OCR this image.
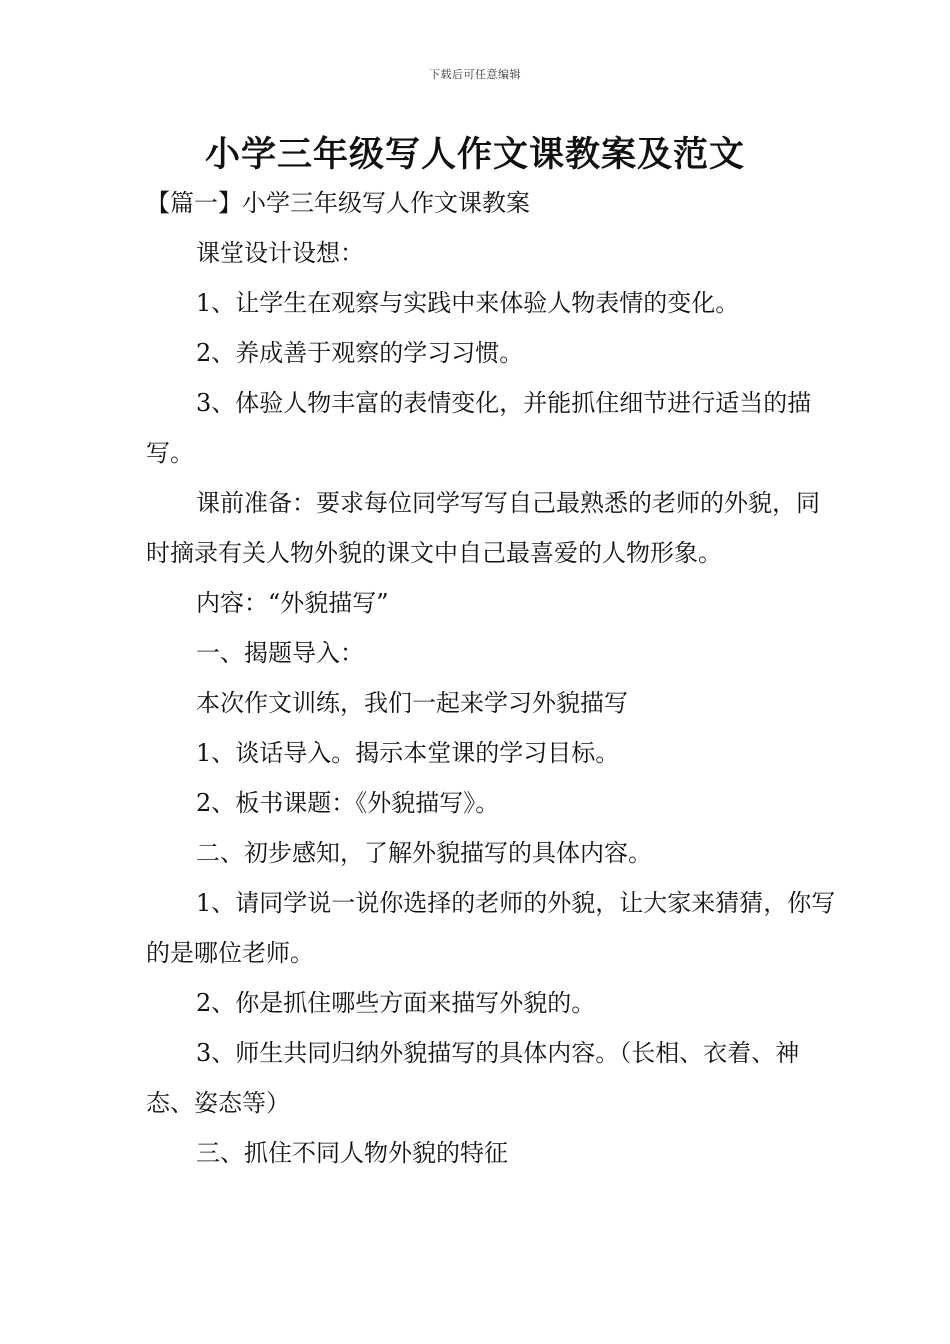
下载后可任意编辑
小学三年级写人作文课教案及范文

【篇一】小学三年级写人作文课教案

课堂设计设想：

1、让学生在观察与实践中来体验人物表情的变化。

2、养成善于观察的学习习惯。

3、体验人物丰富的表情变化，并能抓住细节进行适当的描写。

课前准备：要求每位同学写写自己最熟悉的老师的外貌，同时摘录有关人物外貌的课文中自己最喜爱的人物形象。

内容：“外貌描写”

一、揭题导入：

本次作文训练，我们一起来学习外貌描写

1、谈话导入。揭示本堂课的学习目标。

2、板书课题：《外貌描写》。

二、初步感知，了解外貌描写的具体内容。

1、请同学说一说你选择的老师的外貌，让大家来猜猜，你写的是哪位老师。

2、你是抓住哪些方面来描写外貌的。

3、师生共同归纳外貌描写的具体内容。（长相、衣着、神态、姿态等）

三、抓住不同人物外貌的特征
